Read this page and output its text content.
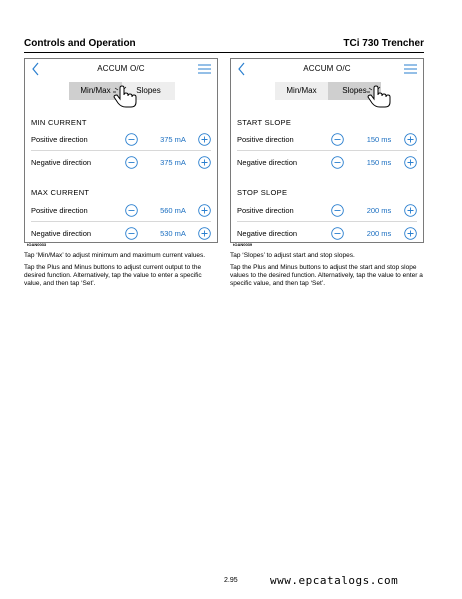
Controls and Operation	TCi 730 Trencher
ACCUM O/C
Min/Max	Slopes
MIN CURRENT
Positive direction	375 mA
Negative direction	375 mA
MAX CURRENT
Positive direction	560 mA
Negative direction	530 mA
tOAN0033
ACCUM O/C
Min/Max	Slopes
START SLOPE
Positive direction	150 ms
Negative direction	150 ms
STOP SLOPE
Positive direction	200 ms
Negative direction	200 ms
tOAN0039

Tap ‘Min/Max’ to adjust minimum and maximum current values.

Tap the Plus and Minus buttons to adjust current output to the desired function. Alternatively, tap the value to enter a specific value, and then tap ‘Set’.

Tap ‘Slopes’ to adjust start and stop slopes.

Tap the Plus and Minus buttons to adjust the start and stop slope values to the desired function. Alternatively, tap the value to enter a specific value, and then tap ‘Set’.

2.95	www.epcatalogs.com
